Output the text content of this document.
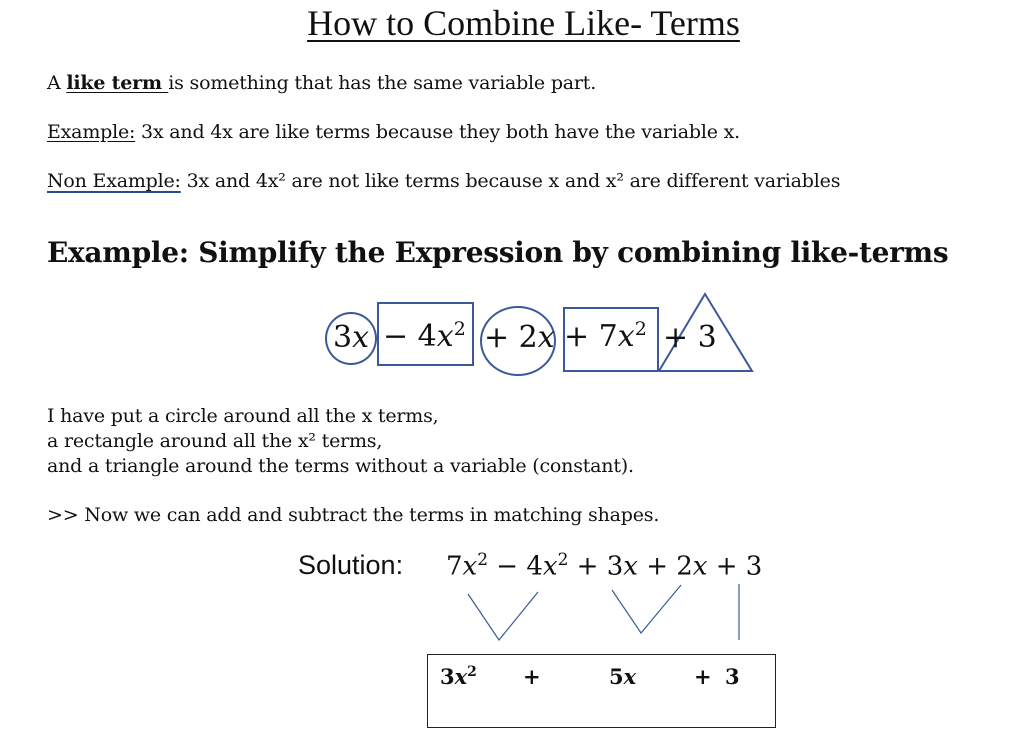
How to Combine Like- Terms
A like term is something that has the same variable part.
Example: 3x and 4x are like terms because they both have the variable x.
Non Example: 3x and 4x² are not like terms because x and x² are different variables
Example: Simplify the Expression by combining like-terms
$3x - 4x^2 + 2x + 7x^2 + 3$
I have put a circle around all the x terms,
a rectangle around all the x² terms,
and a triangle around the terms without a variable (constant).
>> Now we can add and subtract the terms in matching shapes.
Solution: $7x^2 - 4x^2 + 3x + 2x + 3$
$3x^2$ +	5x	+ 3
